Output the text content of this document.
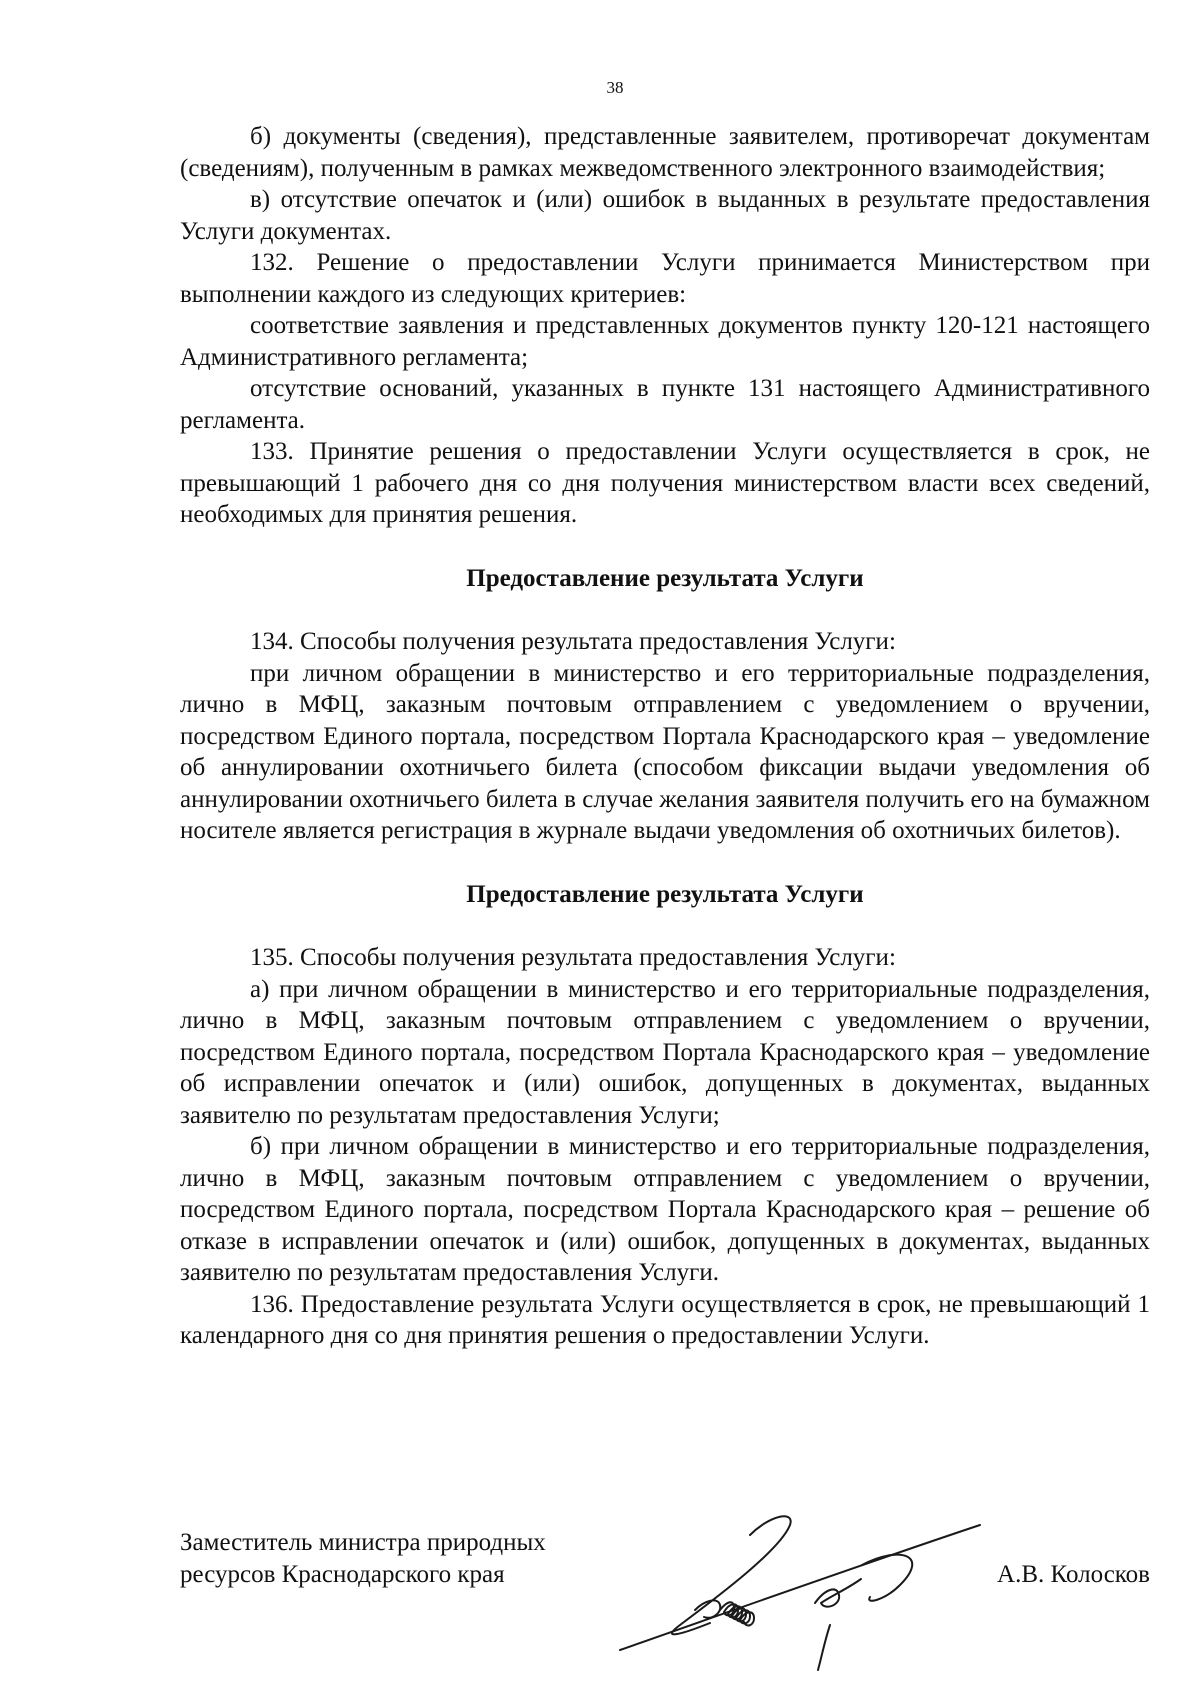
38

б) документы (сведения), представленные заявителем, противоречат документам (сведениям), полученным в рамках межведомственного электронного взаимодействия;

в) отсутствие опечаток и (или) ошибок в выданных в результате предоставления Услуги документах.

132. Решение о предоставлении Услуги принимается Министерством при выполнении каждого из следующих критериев:

соответствие заявления и представленных документов пункту 120-121 настоящего Административного регламента;

отсутствие оснований, указанных в пункте 131 настоящего Административного регламента.

133. Принятие решения о предоставлении Услуги осуществляется в срок, не превышающий 1 рабочего дня со дня получения министерством власти всех сведений, необходимых для принятия решения.

Предоставление результата Услуги

134. Способы получения результата предоставления Услуги:

при личном обращении в министерство и его территориальные подразделения, лично в МФЦ, заказным почтовым отправлением с уведомлением о вручении, посредством Единого портала, посредством Портала Краснодарского края – уведомление об аннулировании охотничьего билета (способом фиксации выдачи уведомления об аннулировании охотничьего билета в случае желания заявителя получить его на бумажном носителе является регистрация в журнале выдачи уведомления об охотничьих билетов).

Предоставление результата Услуги

135. Способы получения результата предоставления Услуги:

а) при личном обращении в министерство и его территориальные подразделения, лично в МФЦ, заказным почтовым отправлением с уведомлением о вручении, посредством Единого портала, посредством Портала Краснодарского края – уведомление об исправлении опечаток и (или) ошибок, допущенных в документах, выданных заявителю по результатам предоставления Услуги;

б) при личном обращении в министерство и его территориальные подразделения, лично в МФЦ, заказным почтовым отправлением с уведомлением о вручении, посредством Единого портала, посредством Портала Краснодарского края – решение об отказе в исправлении опечаток и (или) ошибок, допущенных в документах, выданных заявителю по результатам предоставления Услуги.

136. Предоставление результата Услуги осуществляется в срок, не превышающий 1 календарного дня со дня принятия решения о предоставлении Услуги.

Заместитель министра природных
ресурсов Краснодарского края	А.В. Колосков
